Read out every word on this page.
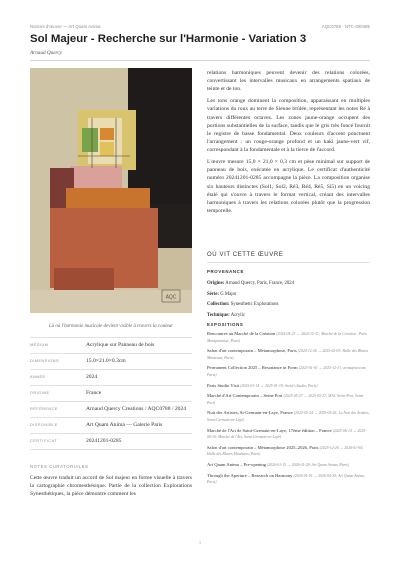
Notices d'œuvre — Art Quam Anima	AQC0788 · NTC-000485
Sol Majeur - Recherche sur l'Harmonie - Variation 3
Arnaud Quercy
AQC
Là où l'harmonie musicale devient visible à travers la couleur
MÉDIUM	Acrylique sur Panneau de bois
DIMENSIONS	15.0×21.0×0.3cm
ANNÉE	2024
ORIGINE	France
RÉFÉRENCE	Arnaud Quercy Creations / AQC0788 / 2024
DISPONIBLE	Art Quam Anima — Galerie Paris
CERTIFICAT	20241201-0285
NOTES CURATORIALES
Cette œuvre traduit un accord de Sol majeur en forme visuelle à travers la cartographie chromesthésique. Partie de la collection Explorations Synesthétiques, la pièce démontre comment les

relations harmoniques peuvent devenir des relations colorées, convertissant les intervalles musicaux en arrangements spatiaux de teinte et de ton.

Les tons orange dominent la composition, apparaissant en multiples variations du roux au terre de Sienne brûlée, représentant les notes Ré à travers différentes octaves. Les zones jaune-orange occupent des portions substantielles de la surface, tandis que le gris très foncé fournit le registre de basse fondamental. Deux couleurs d'accent ponctuent l'arrangement : un rouge-orange profond et un kaki jaune-vert vif, correspondant à la fondamentale et à la tierce de l'accord.

L'œuvre mesure 15,0 × 21,0 × 0,3 cm et pèse minimal sur support de panneau de bois, exécutée en acrylique. Le certificat d'authenticité numéro 20241201-0285 accompagne la pièce. La composition organise six hauteurs distinctes (Sol1, Sol2, Ré3, Ré4, Ré5, Si5) en un voicing étalé qui s'ouvre à travers le format vertical, créant des intervalles harmoniques à travers les relations colorées plutôt que la progression temporelle.

OÙ VIT CETTE ŒUVRE
PROVENANCE
Origine: Arnaud Quercy, Paris, France, 2024
Série: G Major
Collection: Synesthetic Explorations
Technique: Acrylic
EXPOSITIONS
Rencontres au Marché de la Création (2024-04-23 → 2024-12-31; Marché de la Création - Paris Montparnasse, Paris)
Salon d'art contemporain – Metamorphose, Paris (2024-12-26 → 2025-02-03; Halle des Blancs Manteaux, Paris)
Permanent Collection 2025 – Resonance in Form (2025-01-01 → 2025-12-31; artmajeur.com, Paris)
Paris Studio Visit (2025-01-14 → 2025-01-18; Artist's Studio, Paris)
Marché d'Art Contemporain – Seine Port (2025-05-27 → 2025-05-27; MAC Seine Port, Seine-Port)
Nuit des Artistes, St-Germain-en-Laye, France (2025-05-24 → 2025-05-26; La Nuit des Artistes, Saint-Germain-en-Laye)
Marché de l'Art de Saint-Germain-en-Laye, 17ème édition – France (2025-06-14 → 2025-06-16; Marché de l'Art, Saint-Germain-en-Laye)
Salon d'art contemporain – Métamorphose 2025–2026, Paris (2025-12-26 → 2026-01-04; Halle des Blancs Manteaux, Paris)
Art Quam Anima – Pre-opening (2026-01-15 → 2026-01-28; Art Quam Anima, Paris)
Through the Aperture – Research on Harmony (2026-01-01 → 2026-04-30; Art Quam Anima, Paris)
1
